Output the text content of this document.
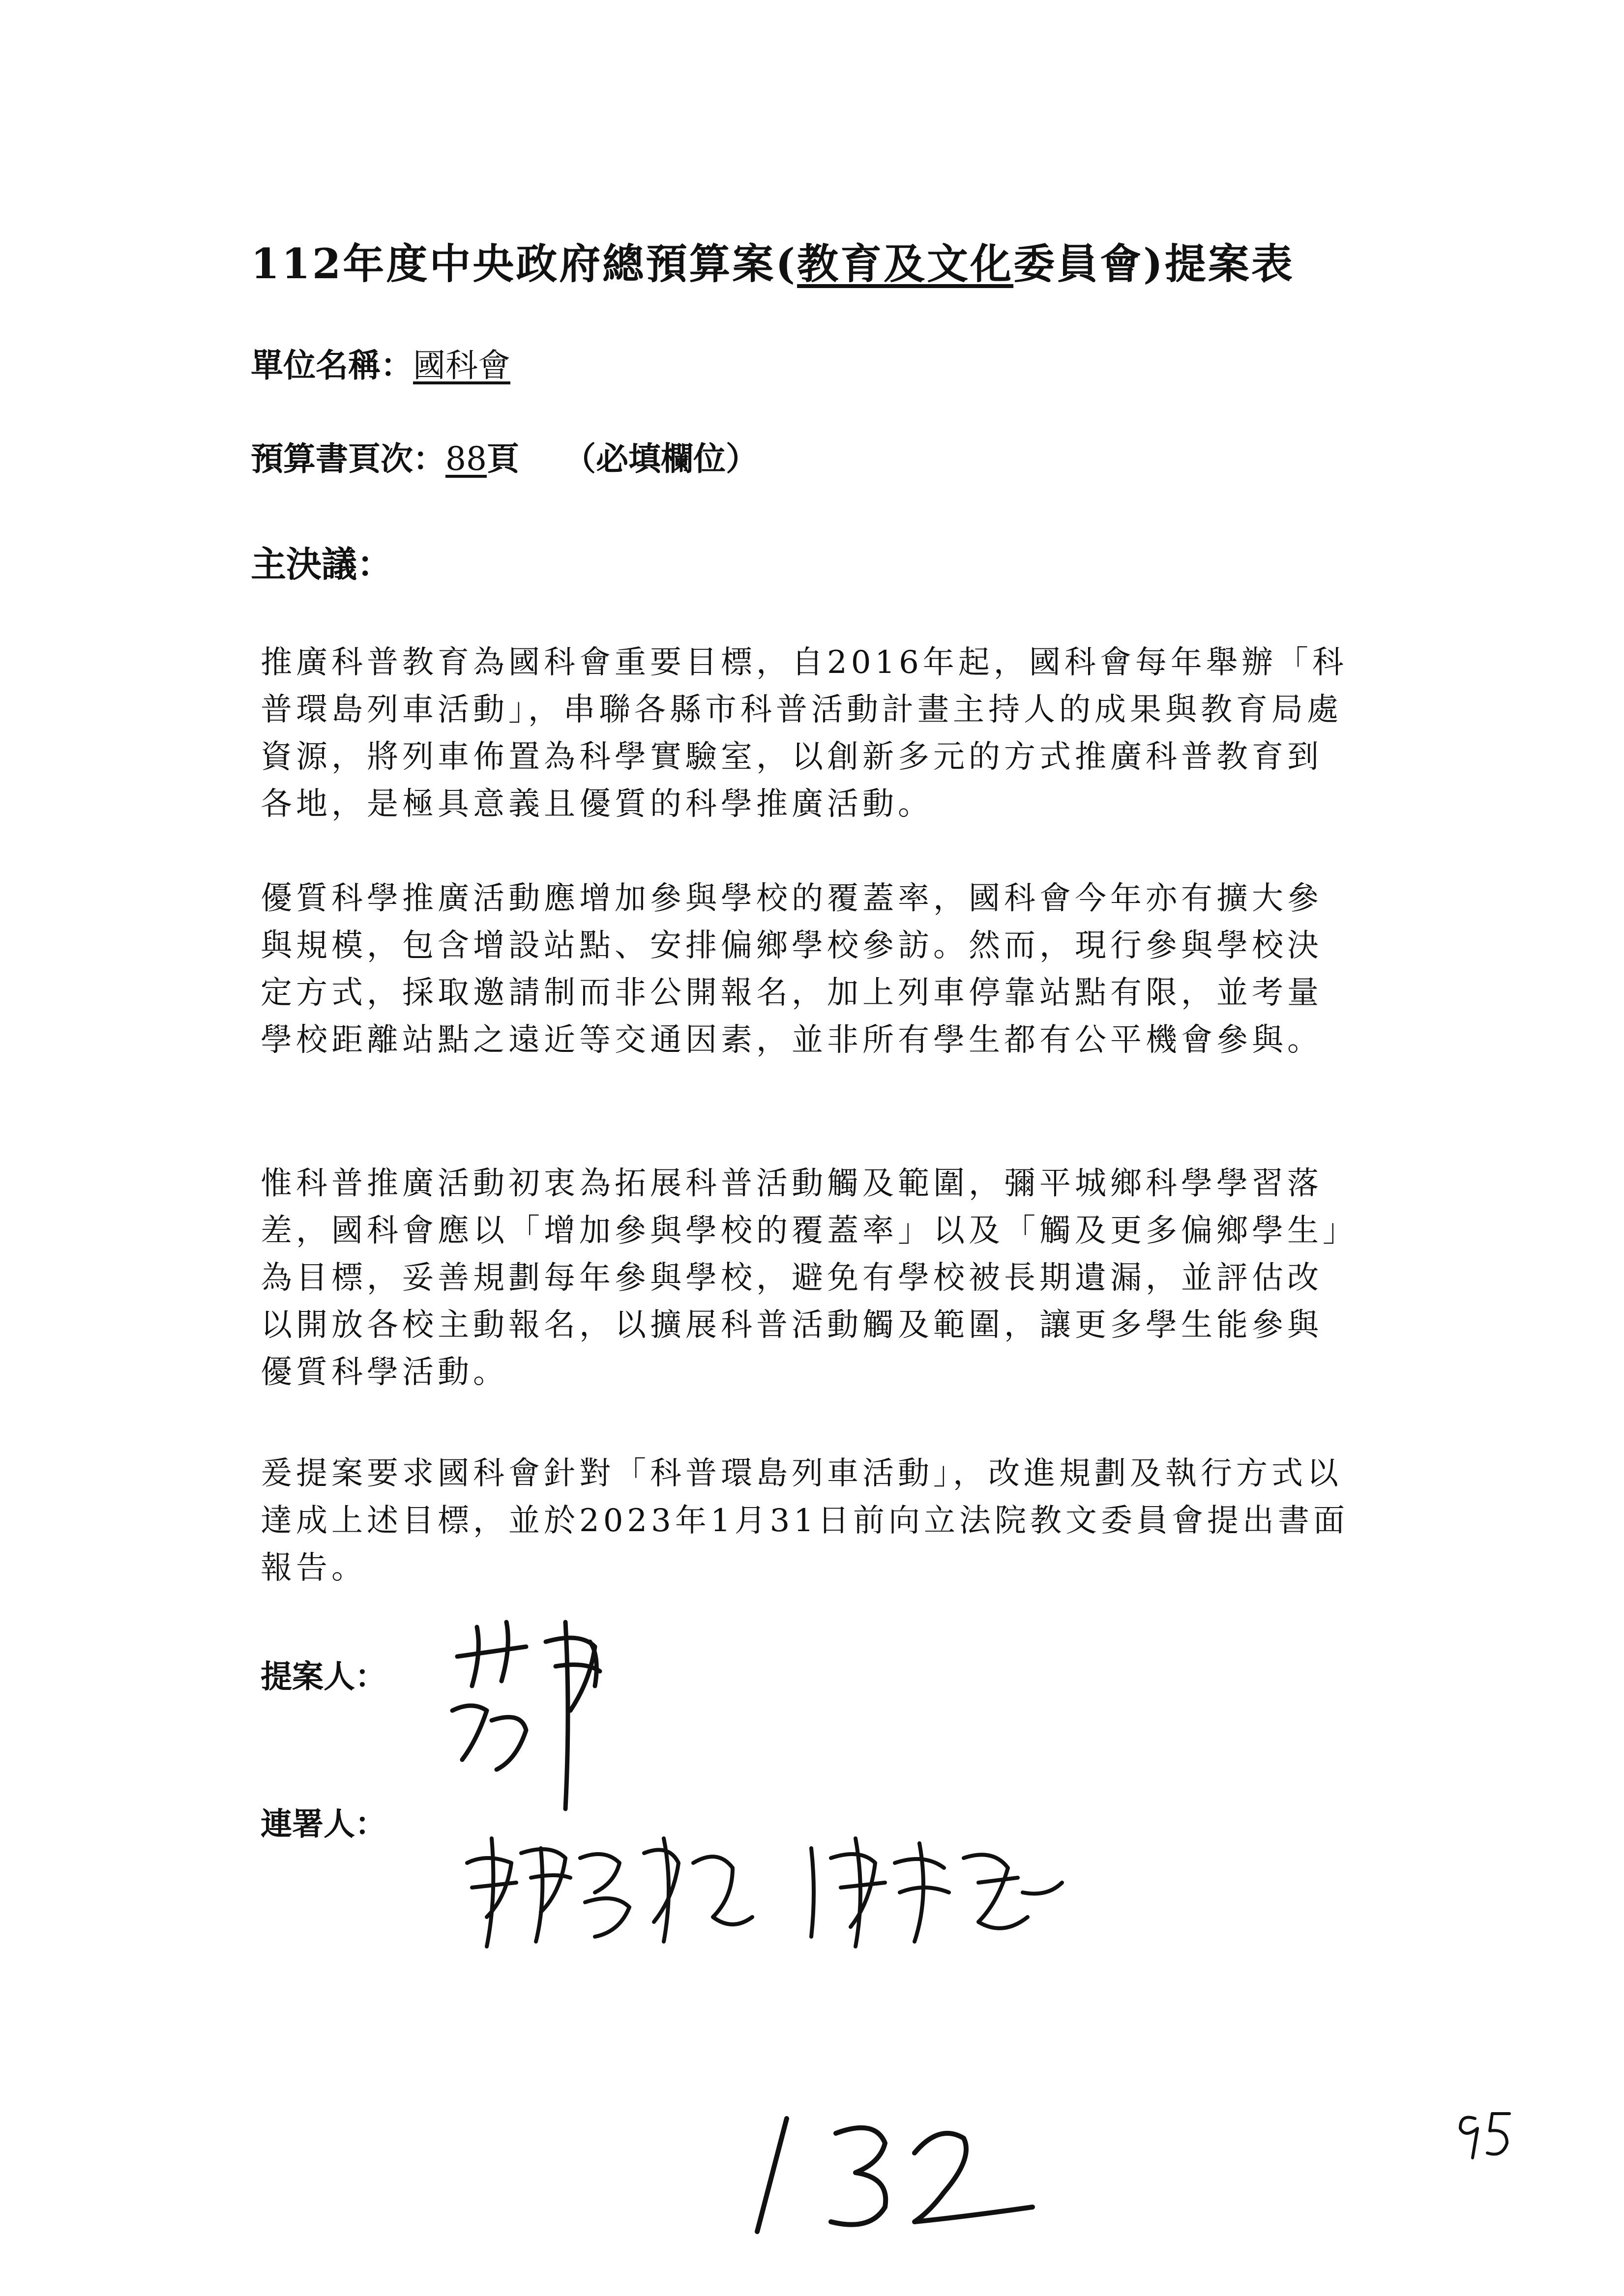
112年度中央政府總預算案(教育及文化委員會)提案表
單位名稱：國科會
預算書頁次：88頁 （必填欄位）
主決議：

推廣科普教育為國科會重要目標，自2016年起，國科會每年舉辦「科普環島列車活動」，串聯各縣市科普活動計畫主持人的成果與教育局處資源，將列車佈置為科學實驗室，以創新多元的方式推廣科普教育到各地，是極具意義且優質的科學推廣活動。

優質科學推廣活動應增加參與學校的覆蓋率，國科會今年亦有擴大參與規模，包含增設站點、安排偏鄉學校參訪。然而，現行參與學校決定方式，採取邀請制而非公開報名，加上列車停靠站點有限，並考量學校距離站點之遠近等交通因素，並非所有學生都有公平機會參與。

惟科普推廣活動初衷為拓展科普活動觸及範圍，彌平城鄉科學學習落差，國科會應以「增加參與學校的覆蓋率」以及「觸及更多偏鄉學生」為目標，妥善規劃每年參與學校，避免有學校被長期遺漏，並評估改以開放各校主動報名，以擴展科普活動觸及範圍，讓更多學生能參與優質科學活動。

爰提案要求國科會針對「科普環島列車活動」，改進規劃及執行方式以達成上述目標，並於2023年1月31日前向立法院教文委員會提出書面報告。

提案人：
連署人：
132	95
